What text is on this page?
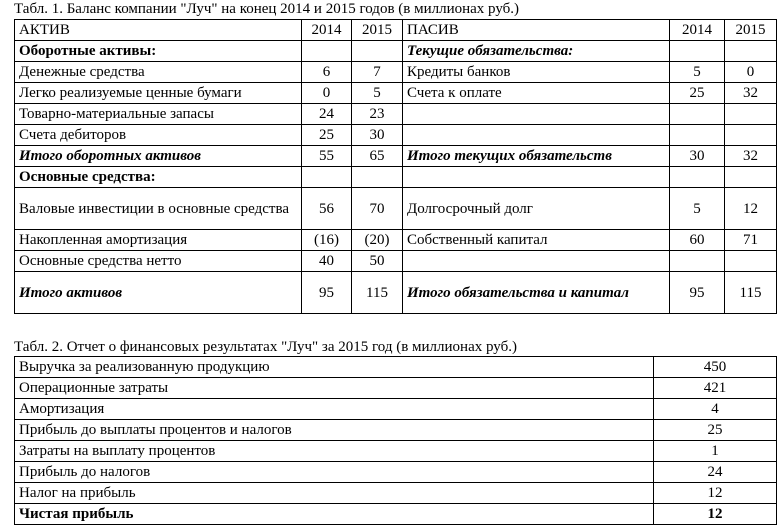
Табл. 1. Баланс компании "Луч" на конец 2014 и 2015 годов (в миллионах руб.)
АКТИВ	2014	2015	ПАСИВ	2014	2015
Оборотные активы:			Текущие обязательства:		
Денежные средства	6	7	Кредиты банков	5	0
Легко реализуемые ценные бумаги	0	5	Счета к оплате	25	32
Товарно-материальные запасы	24	23			
Счета дебиторов	25	30			
Итого оборотных активов	55	65	Итого текущих обязательств	30	32
Основные средства:					
Валовые инвестиции в основные средства	56	70	Долгосрочный долг	5	12
Накопленная амортизация	(16)	(20)	Собственный капитал	60	71
Основные средства нетто	40	50			
Итого активов	95	115	Итого обязательства и капитал	95	115
Табл. 2. Отчет о финансовых результатах "Луч" за 2015 год (в миллионах руб.)
Выручка за реализованную продукцию	450
Операционные затраты	421
Амортизация	4
Прибыль до выплаты процентов и налогов	25
Затраты на выплату процентов	1
Прибыль до налогов	24
Налог на прибыль	12
Чистая прибыль	12
